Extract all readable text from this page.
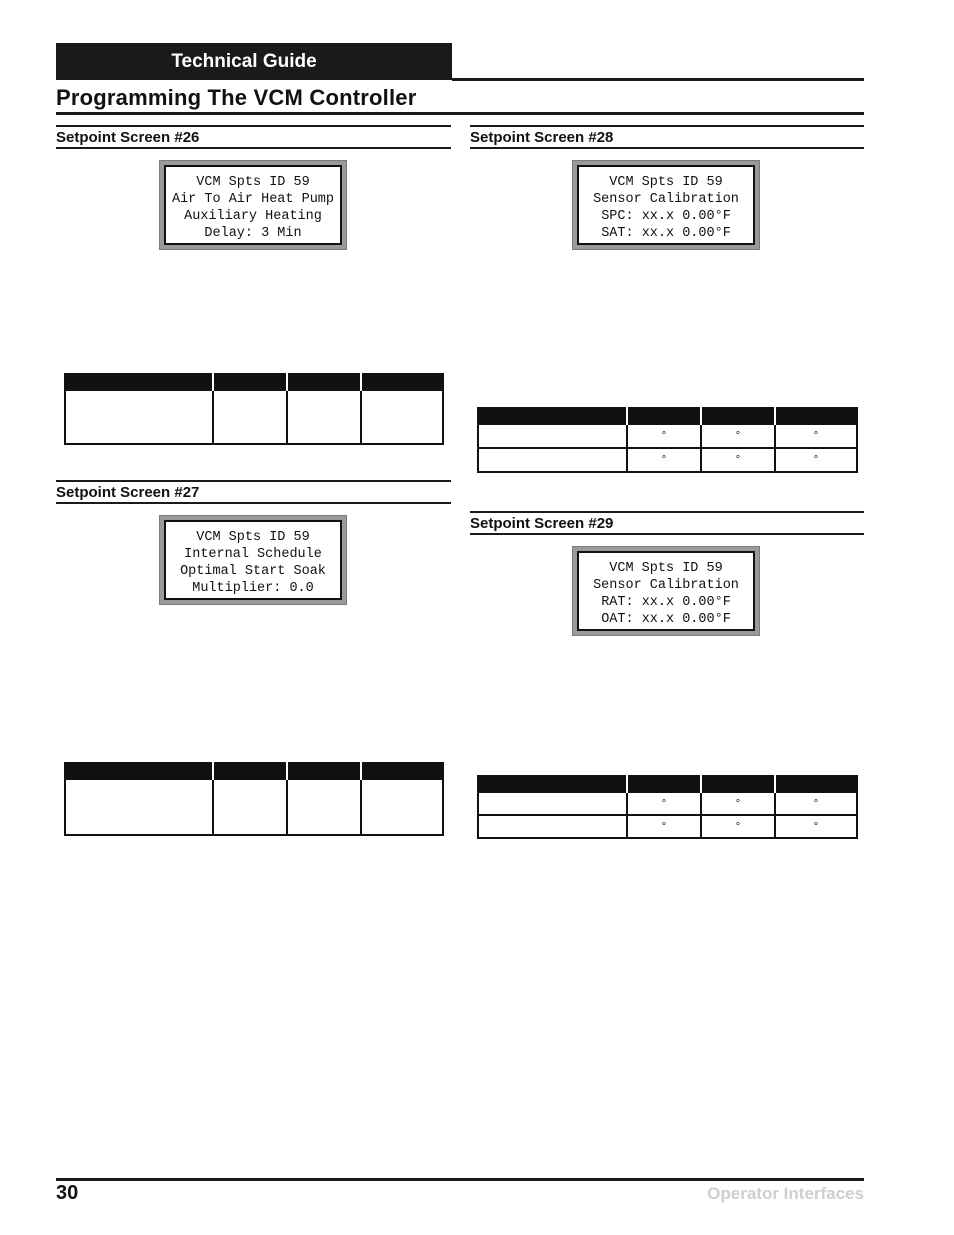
Technical Guide
Programming The VCM Controller
Setpoint Screen #26
VCM Spts ID 59
Air To Air Heat Pump
Auxiliary Heating
Delay: 3 Min

Setpoint Screen #27
VCM Spts ID 59
Internal Schedule
Optimal Start Soak
Multiplier: 0.0

Setpoint Screen #28
VCM Spts ID 59
Sensor Calibration
SPC: xx.x 0.00°F
SAT: xx.x 0.00°F

	°	°	°
	°	°	°
Setpoint Screen #29
VCM Spts ID 59
Sensor Calibration
RAT: xx.x 0.00°F
OAT: xx.x 0.00°F

	°	°	°
	°	°	°
30	Operator Interfaces
